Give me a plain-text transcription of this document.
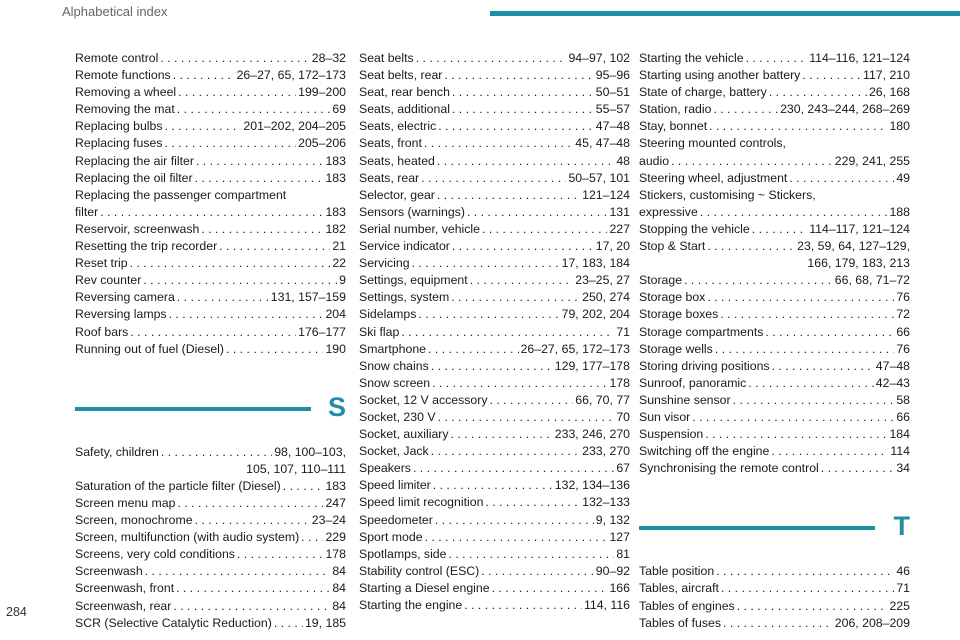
Alphabetical index
Remote control . . .	28–32
Remote functions . . .	26–27, 65, 172–173
Removing a wheel . . .	199–200
Removing the mat . . .	69
Replacing bulbs . . .	201–202, 204–205
Replacing fuses . . .	205–206
Replacing the air filter . . .	183
Replacing the oil filter . . .	183
Replacing the passenger compartment
filter . . .	183
Reservoir, screenwash . . .	182
Resetting the trip recorder . . .	21
Reset trip . . .	22
Rev counter . . .	9
Reversing camera . . .	131, 157–159
Reversing lamps . . .	204
Roof bars . . .	176–177
Running out of fuel (Diesel) . . .	190
S
Safety, children . . .	98, 100–103,
105, 107, 110–111
Saturation of the particle filter (Diesel) . . .	183
Screen menu map . . .	247
Screen, monochrome . . .	23–24
Screen, multifunction (with audio system) . . . 229
Screens, very cold conditions . . .	178
Screenwash . . .	84
Screenwash, front . . .	84
Screenwash, rear . . .	84
SCR (Selective Catalytic Reduction) . . .	19, 185
Seat belts . . .	94–97, 102
Seat belts, rear . . .	95–96
Seat, rear bench . . .	50–51
Seats, additional . . .	55–57
Seats, electric . . .	47–48
Seats, front . . .	45, 47–48
Seats, heated . . .	48
Seats, rear . . .	50–57, 101
Selector, gear . . .	121–124
Sensors (warnings) . . .	131
Serial number, vehicle . . .	227
Service indicator . . .	17, 20
Servicing . . .	17, 183, 184
Settings, equipment . . .	23–25, 27
Settings, system . . .	250, 274
Sidelamps . . .	79, 202, 204
Ski flap . . .	71
Smartphone . . .	26–27, 65, 172–173
Snow chains . . .	129, 177–178
Snow screen . . .	178
Socket, 12 V accessory . . .	66, 70, 77
Socket, 230 V . . .	70
Socket, auxiliary . . .	233, 246, 270
Socket, Jack . . .	233, 270
Speakers . . .	67
Speed limiter . . .	132, 134–136
Speed limit recognition . . .	132–133
Speedometer . . .	9, 132
Sport mode . . .	127
Spotlamps, side . . .	81
Stability control (ESC) . . .	90–92
Starting a Diesel engine . . .	166
Starting the engine . . .	114, 116
Starting the vehicle . . .	114–116, 121–124
Starting using another battery . . .	117, 210
State of charge, battery . . .	26, 168
Station, radio . . .	230, 243–244, 268–269
Stay, bonnet . . .	180
Steering mounted controls,
audio . . .	229, 241, 255
Steering wheel, adjustment . . .	49
Stickers, customising ~ Stickers,
expressive . . .	188
Stopping the vehicle . . .	114–117, 121–124
Stop & Start . . .	23, 59, 64, 127–129,
166, 179, 183, 213
Storage . . .	66, 68, 71–72
Storage box . . .	76
Storage boxes . . .	72
Storage compartments . . .	66
Storage wells . . .	76
Storing driving positions . . .	47–48
Sunroof, panoramic . . .	42–43
Sunshine sensor . . .	58
Sun visor . . .	66
Suspension . . .	184
Switching off the engine . . .	114
Synchronising the remote control . . .	34
T
Table position . . .	46
Tables, aircraft . . .	71
Tables of engines . . .	225
Tables of fuses . . .	206, 208–209
284
